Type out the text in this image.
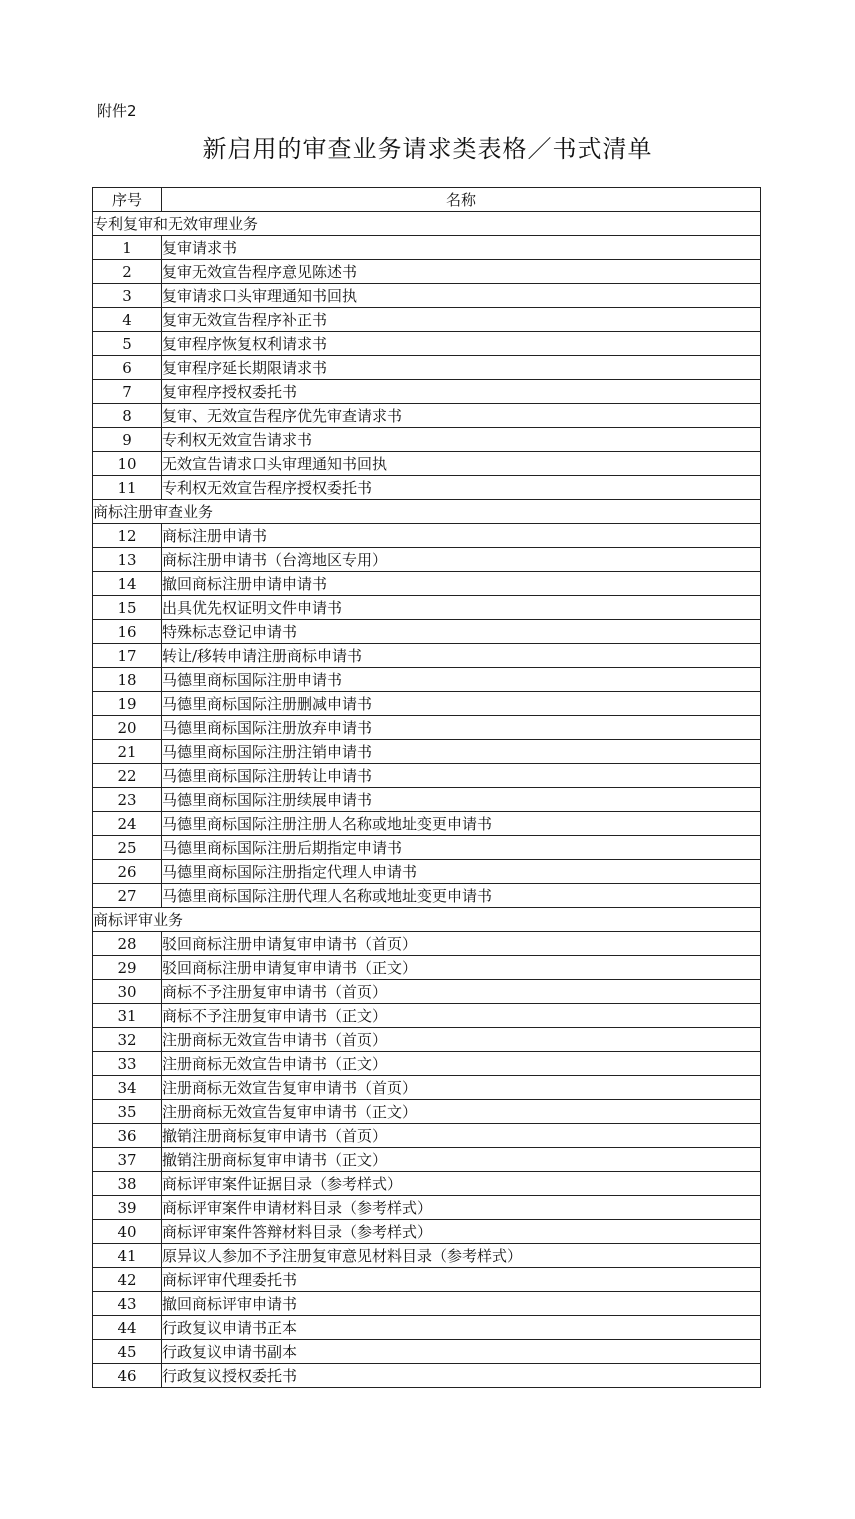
附件2
新启用的审查业务请求类表格／书式清单
序号	名称
专利复审和无效审理业务	
1	复审请求书
2	复审无效宣告程序意见陈述书
3	复审请求口头审理通知书回执
4	复审无效宣告程序补正书
5	复审程序恢复权利请求书
6	复审程序延长期限请求书
7	复审程序授权委托书
8	复审、无效宣告程序优先审查请求书
9	专利权无效宣告请求书
10	无效宣告请求口头审理通知书回执
11	专利权无效宣告程序授权委托书
商标注册审查业务	
12	商标注册申请书
13	商标注册申请书（台湾地区专用）
14	撤回商标注册申请申请书
15	出具优先权证明文件申请书
16	特殊标志登记申请书
17	转让/移转申请注册商标申请书
18	马德里商标国际注册申请书
19	马德里商标国际注册删减申请书
20	马德里商标国际注册放弃申请书
21	马德里商标国际注册注销申请书
22	马德里商标国际注册转让申请书
23	马德里商标国际注册续展申请书
24	马德里商标国际注册注册人名称或地址变更申请书
25	马德里商标国际注册后期指定申请书
26	马德里商标国际注册指定代理人申请书
27	马德里商标国际注册代理人名称或地址变更申请书
商标评审业务	
28	驳回商标注册申请复审申请书（首页）
29	驳回商标注册申请复审申请书（正文）
30	商标不予注册复审申请书（首页）
31	商标不予注册复审申请书（正文）
32	注册商标无效宣告申请书（首页）
33	注册商标无效宣告申请书（正文）
34	注册商标无效宣告复审申请书（首页）
35	注册商标无效宣告复审申请书（正文）
36	撤销注册商标复审申请书（首页）
37	撤销注册商标复审申请书（正文）
38	商标评审案件证据目录（参考样式）
39	商标评审案件申请材料目录（参考样式）
40	商标评审案件答辩材料目录（参考样式）
41	原异议人参加不予注册复审意见材料目录（参考样式）
42	商标评审代理委托书
43	撤回商标评审申请书
44	行政复议申请书正本
45	行政复议申请书副本
46	行政复议授权委托书
